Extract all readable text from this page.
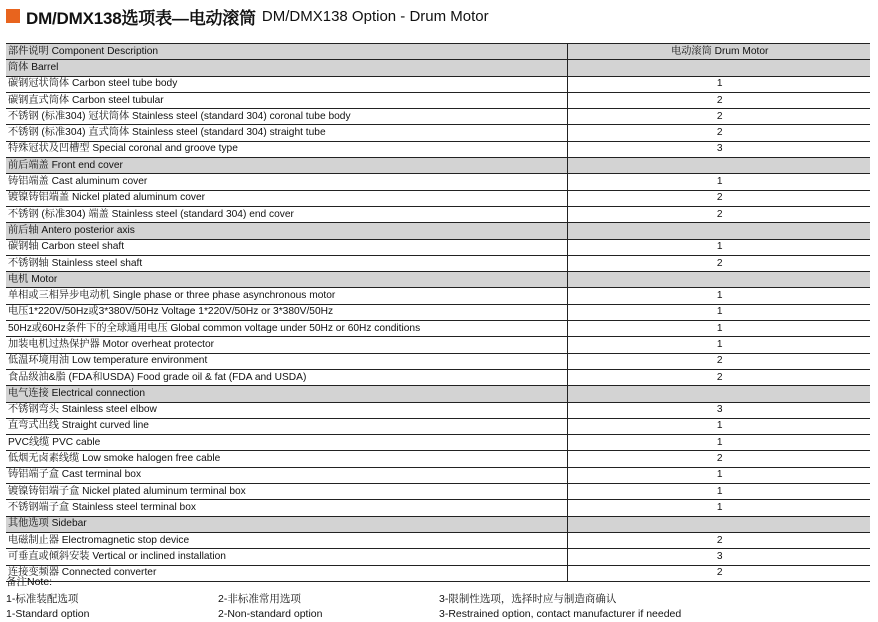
DM/DMX138选项表—电动滚筒 DM/DMX138 Option - Drum Motor
部件说明 Component Description	电动滚筒 Drum Motor
筒体 Barrel	
碳钢冠状筒体 Carbon steel tube body	1
碳钢直式筒体 Carbon steel tubular	2
不锈钢 (标准304) 冠状筒体 Stainless steel (standard 304) coronal tube body	2
不锈钢 (标准304) 直式筒体 Stainless steel (standard 304) straight tube	2
特殊冠状及凹槽型 Special coronal and groove type	3
前后端盖 Front end cover	
铸铝端盖 Cast aluminum cover	1
镀镍铸铝端盖 Nickel plated aluminum cover	2
不锈钢 (标准304) 端盖 Stainless steel (standard 304) end cover	2
前后轴 Antero posterior axis	
碳钢轴 Carbon steel shaft	1
不锈钢轴 Stainless steel shaft	2
电机 Motor	
单相或三相异步电动机 Single phase or three phase asynchronous motor	1
电压1*220V/50Hz或3*380V/50Hz Voltage 1*220V/50Hz or 3*380V/50Hz	1
50Hz或60Hz条件下的全球通用电压 Global common voltage under 50Hz or 60Hz conditions	1
加装电机过热保护器 Motor overheat protector	1
低温环境用油 Low temperature environment	2
食品级油&脂 (FDA和USDA) Food grade oil & fat (FDA and USDA)	2
电气连接 Electrical connection	
不锈钢弯头 Stainless steel elbow	3
直弯式出线 Straight curved line	1
PVC线缆 PVC cable	1
低烟无卤素线缆 Low smoke halogen free cable	2
铸铝端子盒 Cast terminal box	1
镀镍铸铝端子盒 Nickel plated aluminum terminal box	1
不锈钢端子盒 Stainless steel terminal box	1
其他选项 Sidebar	
电磁制止器 Electromagnetic stop device	2
可垂直或倾斜安装 Vertical or inclined installation	3
连接变频器 Connected converter	2
备注Note:
1-标准装配选项
1-Standard option
2-非标准常用选项
2-Non-standard option
3-限制性选项，选择时应与制造商确认
3-Restrained option, contact manufacturer if needed
